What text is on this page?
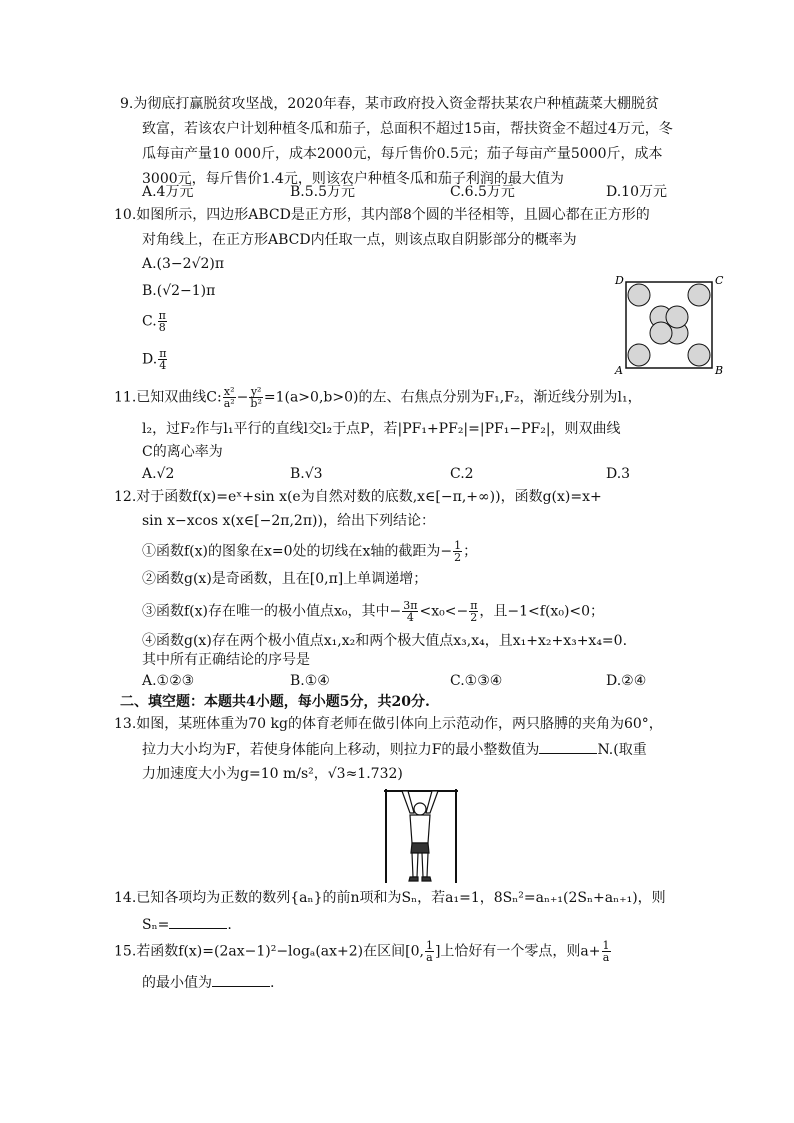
9.为彻底打赢脱贫攻坚战，2020年春，某市政府投入资金帮扶某农户种植蔬菜大棚脱贫
致富，若该农户计划种植冬瓜和茄子，总面积不超过15亩，帮扶资金不超过4万元，冬
瓜每亩产量10 000斤，成本2000元，每斤售价0.5元；茄子每亩产量5000斤，成本
3000元，每斤售价1.4元，则该农户种植冬瓜和茄子利润的最大值为
A.4万元	B.5.5万元	C.6.5万元	D.10万元
10.如图所示，四边形ABCD是正方形，其内部8个圆的半径相等，且圆心都在正方形的
对角线上，在正方形ABCD内任取一点，则该点取自阴影部分的概率为
A.(3−2√2)π
B.(√2−1)π
C. $\frac{\pi}{8}$
D. $\frac{\pi}{4}$
D	C
A	B
11.已知双曲线C: $\frac{\text{x²}}{\text{a²}} - \frac{\text{y²}}{\text{b²}} =1(a>0,b>0)$的左、右焦点分别为F₁,F₂，渐近线分别为l₁，
l₂，过F₂作与l₁平行的直线l交l₂于点P，若|PF₁+PF₂|=|PF₁−PF₂|，则双曲线
C的离心率为
A.√2	B.√3	C.2	D.3
12.对于函数f(x)=eˣ+sin x(e为自然对数的底数,x∈[−π,+∞))，函数g(x)=x+
sin x−xcos x(x∈[−2π,2π))，给出下列结论：
①函数f(x)的图象在x=0处的切线在x轴的截距为− $\frac{1}{2}$ ；
②函数g(x)是奇函数，且在[0,π]上单调递增；
③函数f(x)存在唯一的极小值点x₀，其中− $\frac{3\pi}{4} <x_0<- \frac{\pi}{2}$ ，且−1<f(x₀)<0；
④函数g(x)存在两个极小值点x₁,x₂和两个极大值点x₃,x₄，且x₁+x₂+x₃+x₄=0.
其中所有正确结论的序号是
A.①②③	B.①④	C.①③④	D.②④
二、填空题：本题共4小题，每小题5分，共20分.
13.如图，某班体重为70 kg的体育老师在做引体向上示范动作，两只胳膊的夹角为60°，
拉力大小均为F，若使身体能向上移动，则拉力F的最小整数值为	N.(取重
力加速度大小为g=10 m/s²，√3≈1.732)
14.已知各项均为正数的数列{aₙ}的前n项和为Sₙ，若a₁=1，8Sₙ²=aₙ₊₁(2Sₙ+aₙ₊₁)，则
Sₙ=	.
15.若函数f(x)=(2ax−1)²−logₐ(ax+2)在区间[0, $\frac{1}{a}$ ]上恰好有一个零点，则$a+ \frac{1}{a}$
的最小值为	.
